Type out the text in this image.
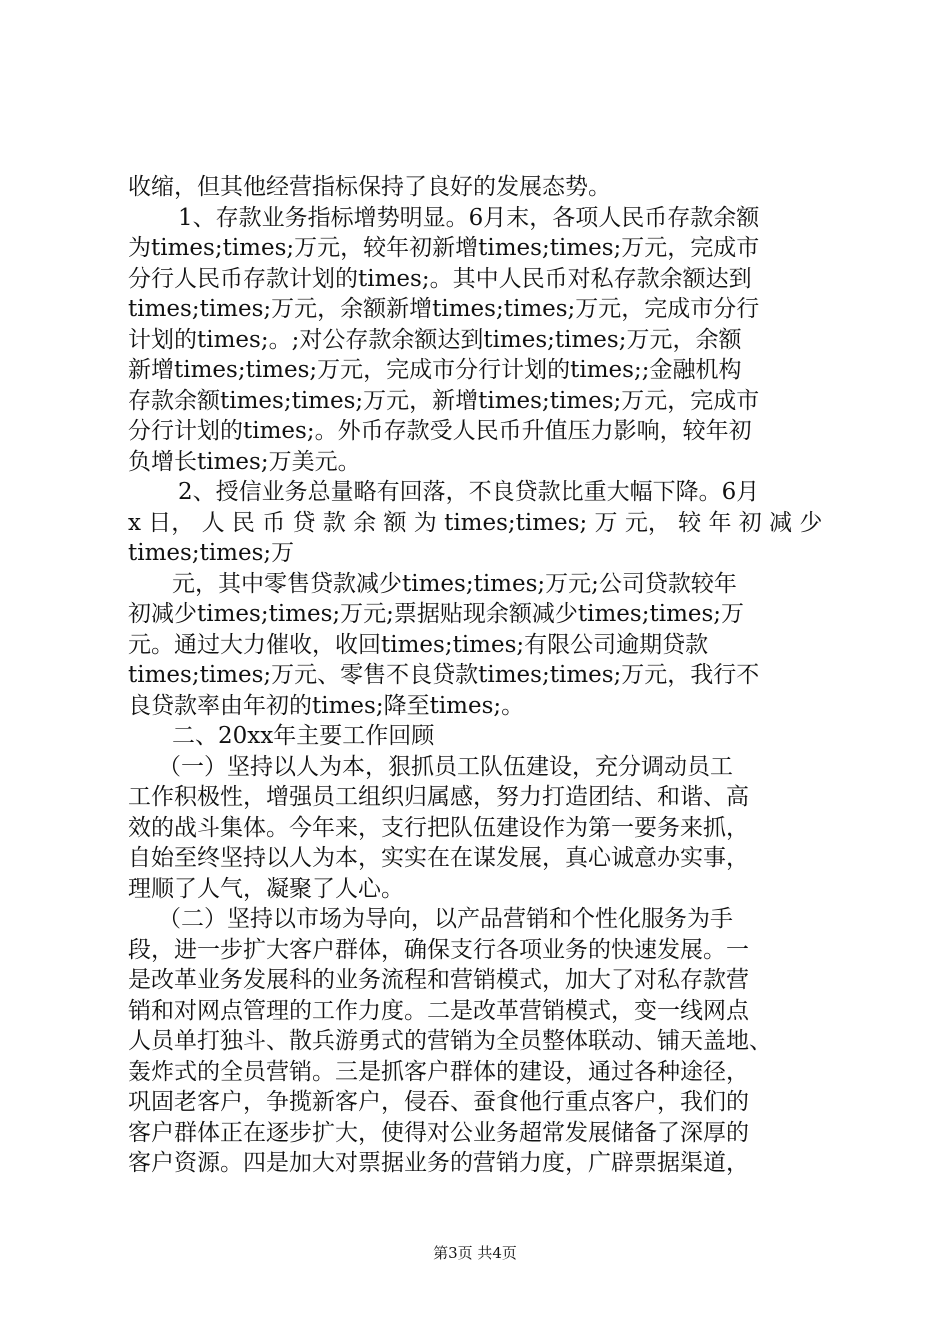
收缩，但其他经营指标保持了良好的发展态势。
1、存款业务指标增势明显。6月末，各项人民币存款余额
为times;times;万元，较年初新增times;times;万元，完成市
分行人民币存款计划的times;。其中人民币对私存款余额达到
times;times;万元，余额新增times;times;万元，完成市分行
计划的times;。;对公存款余额达到times;times;万元，余额
新增times;times;万元，完成市分行计划的times;;金融机构
存款余额times;times;万元，新增times;times;万元，完成市
分行计划的times;。外币存款受人民币升值压力影响，较年初
负增长times;万美元。
2、授信业务总量略有回落，不良贷款比重大幅下降。6月
x 日， 人 民 币 贷 款 余 额 为 times;times; 万 元， 较 年 初 减 少
times;times;万
元，其中零售贷款减少times;times;万元;公司贷款较年
初减少times;times;万元;票据贴现余额减少times;times;万
元。通过大力催收，收回times;times;有限公司逾期贷款
times;times;万元、零售不良贷款times;times;万元，我行不
良贷款率由年初的times;降至times;。
二、20xx年主要工作回顾
（一）坚持以人为本，狠抓员工队伍建设，充分调动员工
工作积极性，增强员工组织归属感，努力打造团结、和谐、高
效的战斗集体。今年来，支行把队伍建设作为第一要务来抓，
自始至终坚持以人为本，实实在在谋发展，真心诚意办实事，
理顺了人气，凝聚了人心。
（二）坚持以市场为导向，以产品营销和个性化服务为手
段，进一步扩大客户群体，确保支行各项业务的快速发展。一
是改革业务发展科的业务流程和营销模式，加大了对私存款营
销和对网点管理的工作力度。二是改革营销模式，变一线网点
人员单打独斗、散兵游勇式的营销为全员整体联动、铺天盖地、
轰炸式的全员营销。三是抓客户群体的建设，通过各种途径，
巩固老客户，争揽新客户，侵吞、蚕食他行重点客户，我们的
客户群体正在逐步扩大，使得对公业务超常发展储备了深厚的
客户资源。四是加大对票据业务的营销力度，广辟票据渠道，
第3页 共4页
